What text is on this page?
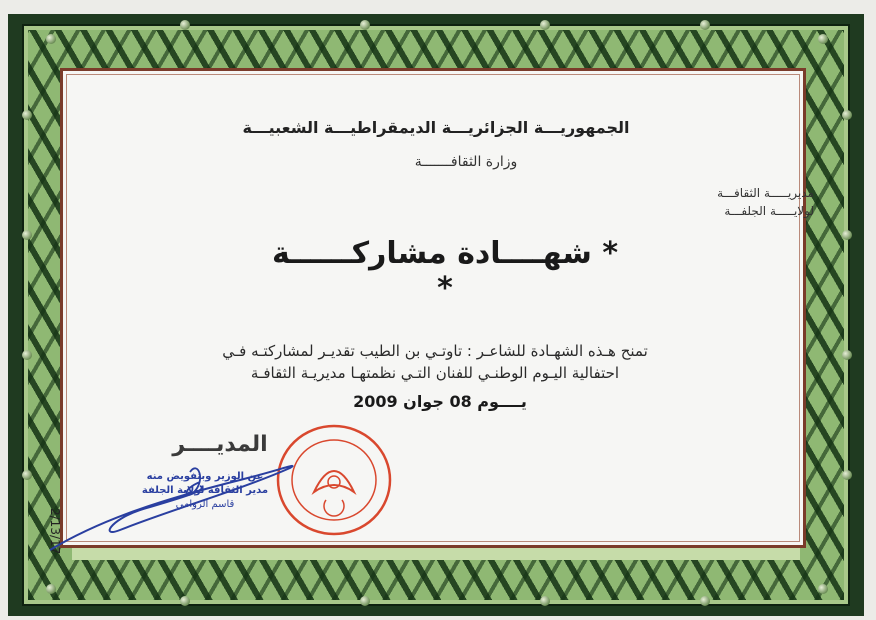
الجمهوريـــة الجزائريـــة الديمقراطيـــة الشعبيـــة
وزارة الثقافـــــــة
مديريـــــة الثقافـــة
لولايـــــة الجلفـــة
* شهــــادة مشاركــــــة *
تمنح هـذه الشهـادة للشاعـر : تاوتـي بن الطيب تقديـر لمشاركتـه فـي
احتفالية اليـوم الوطنـي للفنان التـي نظمتهـا مديريـة الثقافـة
يــــوم 08 جوان 2009
المديــــر
عن الوزير وبتفويض منه
مدير الثقافة لولاية الجلفة
قاسم الروامي
2/13/17
